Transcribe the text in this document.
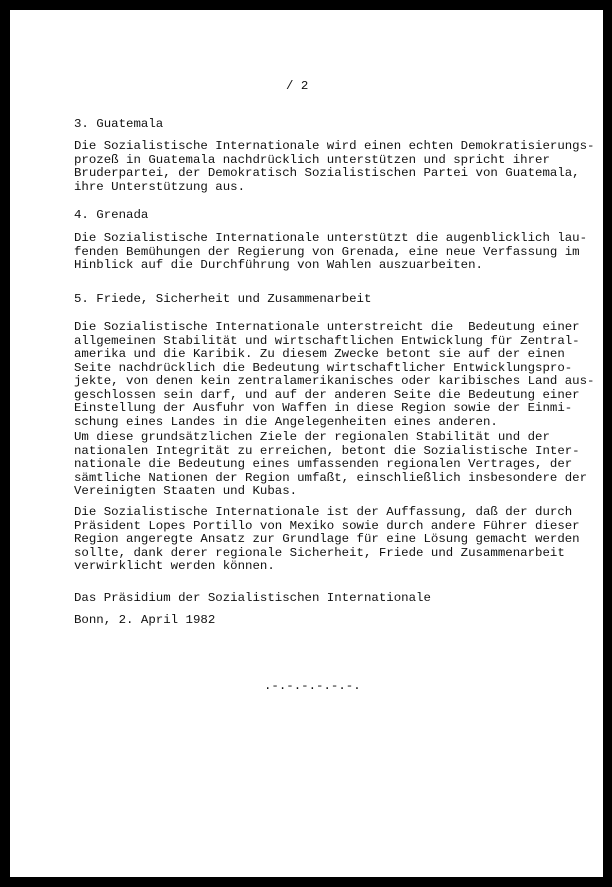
/ 2

3. Guatemala

Die Sozialistische Internationale wird einen echten Demokratisierungs-
prozeß in Guatemala nachdrücklich unterstützen und spricht ihrer
Bruderpartei, der Demokratisch Sozialistischen Partei von Guatemala,
ihre Unterstützung aus.

4. Grenada

Die Sozialistische Internationale unterstützt die augenblicklich lau-
fenden Bemühungen der Regierung von Grenada, eine neue Verfassung im
Hinblick auf die Durchführung von Wahlen auszuarbeiten.

5. Friede, Sicherheit und Zusammenarbeit

Die Sozialistische Internationale unterstreicht die  Bedeutung einer
allgemeinen Stabilität und wirtschaftlichen Entwicklung für Zentral-
amerika und die Karibik. Zu diesem Zwecke betont sie auf der einen
Seite nachdrücklich die Bedeutung wirtschaftlicher Entwicklungspro-
jekte, von denen kein zentralamerikanisches oder karibisches Land aus-
geschlossen sein darf, und auf der anderen Seite die Bedeutung einer
Einstellung der Ausfuhr von Waffen in diese Region sowie der Einmi-
schung eines Landes in die Angelegenheiten eines anderen.

Um diese grundsätzlichen Ziele der regionalen Stabilität und der
nationalen Integrität zu erreichen, betont die Sozialistische Inter-
nationale die Bedeutung eines umfassenden regionalen Vertrages, der
sämtliche Nationen der Region umfaßt, einschließlich insbesondere der
Vereinigten Staaten und Kubas.

Die Sozialistische Internationale ist der Auffassung, daß der durch
Präsident Lopes Portillo von Mexiko sowie durch andere Führer dieser
Region angeregte Ansatz zur Grundlage für eine Lösung gemacht werden
sollte, dank derer regionale Sicherheit, Friede und Zusammenarbeit
verwirklicht werden können.

Das Präsidium der Sozialistischen Internationale

Bonn, 2. April 1982

.-.-.-.-.-.-.
